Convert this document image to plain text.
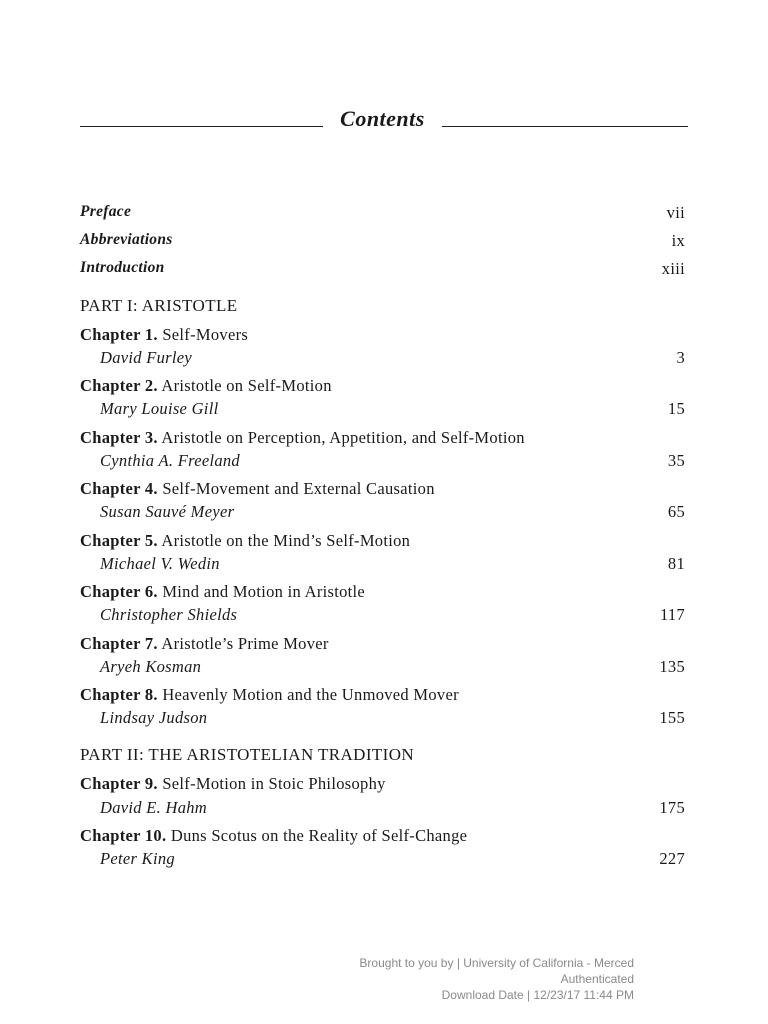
Contents
Preface	vii
Abbreviations	ix
Introduction	xiii
PART I: ARISTOTLE
Chapter 1. Self-Movers
David Furley	3
Chapter 2. Aristotle on Self-Motion
Mary Louise Gill	15
Chapter 3. Aristotle on Perception, Appetition, and Self-Motion
Cynthia A. Freeland	35
Chapter 4. Self-Movement and External Causation
Susan Sauvé Meyer	65
Chapter 5. Aristotle on the Mind’s Self-Motion
Michael V. Wedin	81
Chapter 6. Mind and Motion in Aristotle
Christopher Shields	117
Chapter 7. Aristotle’s Prime Mover
Aryeh Kosman	135
Chapter 8. Heavenly Motion and the Unmoved Mover
Lindsay Judson	155
PART II: THE ARISTOTELIAN TRADITION
Chapter 9. Self-Motion in Stoic Philosophy
David E. Hahm	175
Chapter 10. Duns Scotus on the Reality of Self-Change
Peter King	227
Brought to you by | University of California - Merced
Authenticated
Download Date | 12/23/17 11:44 PM
